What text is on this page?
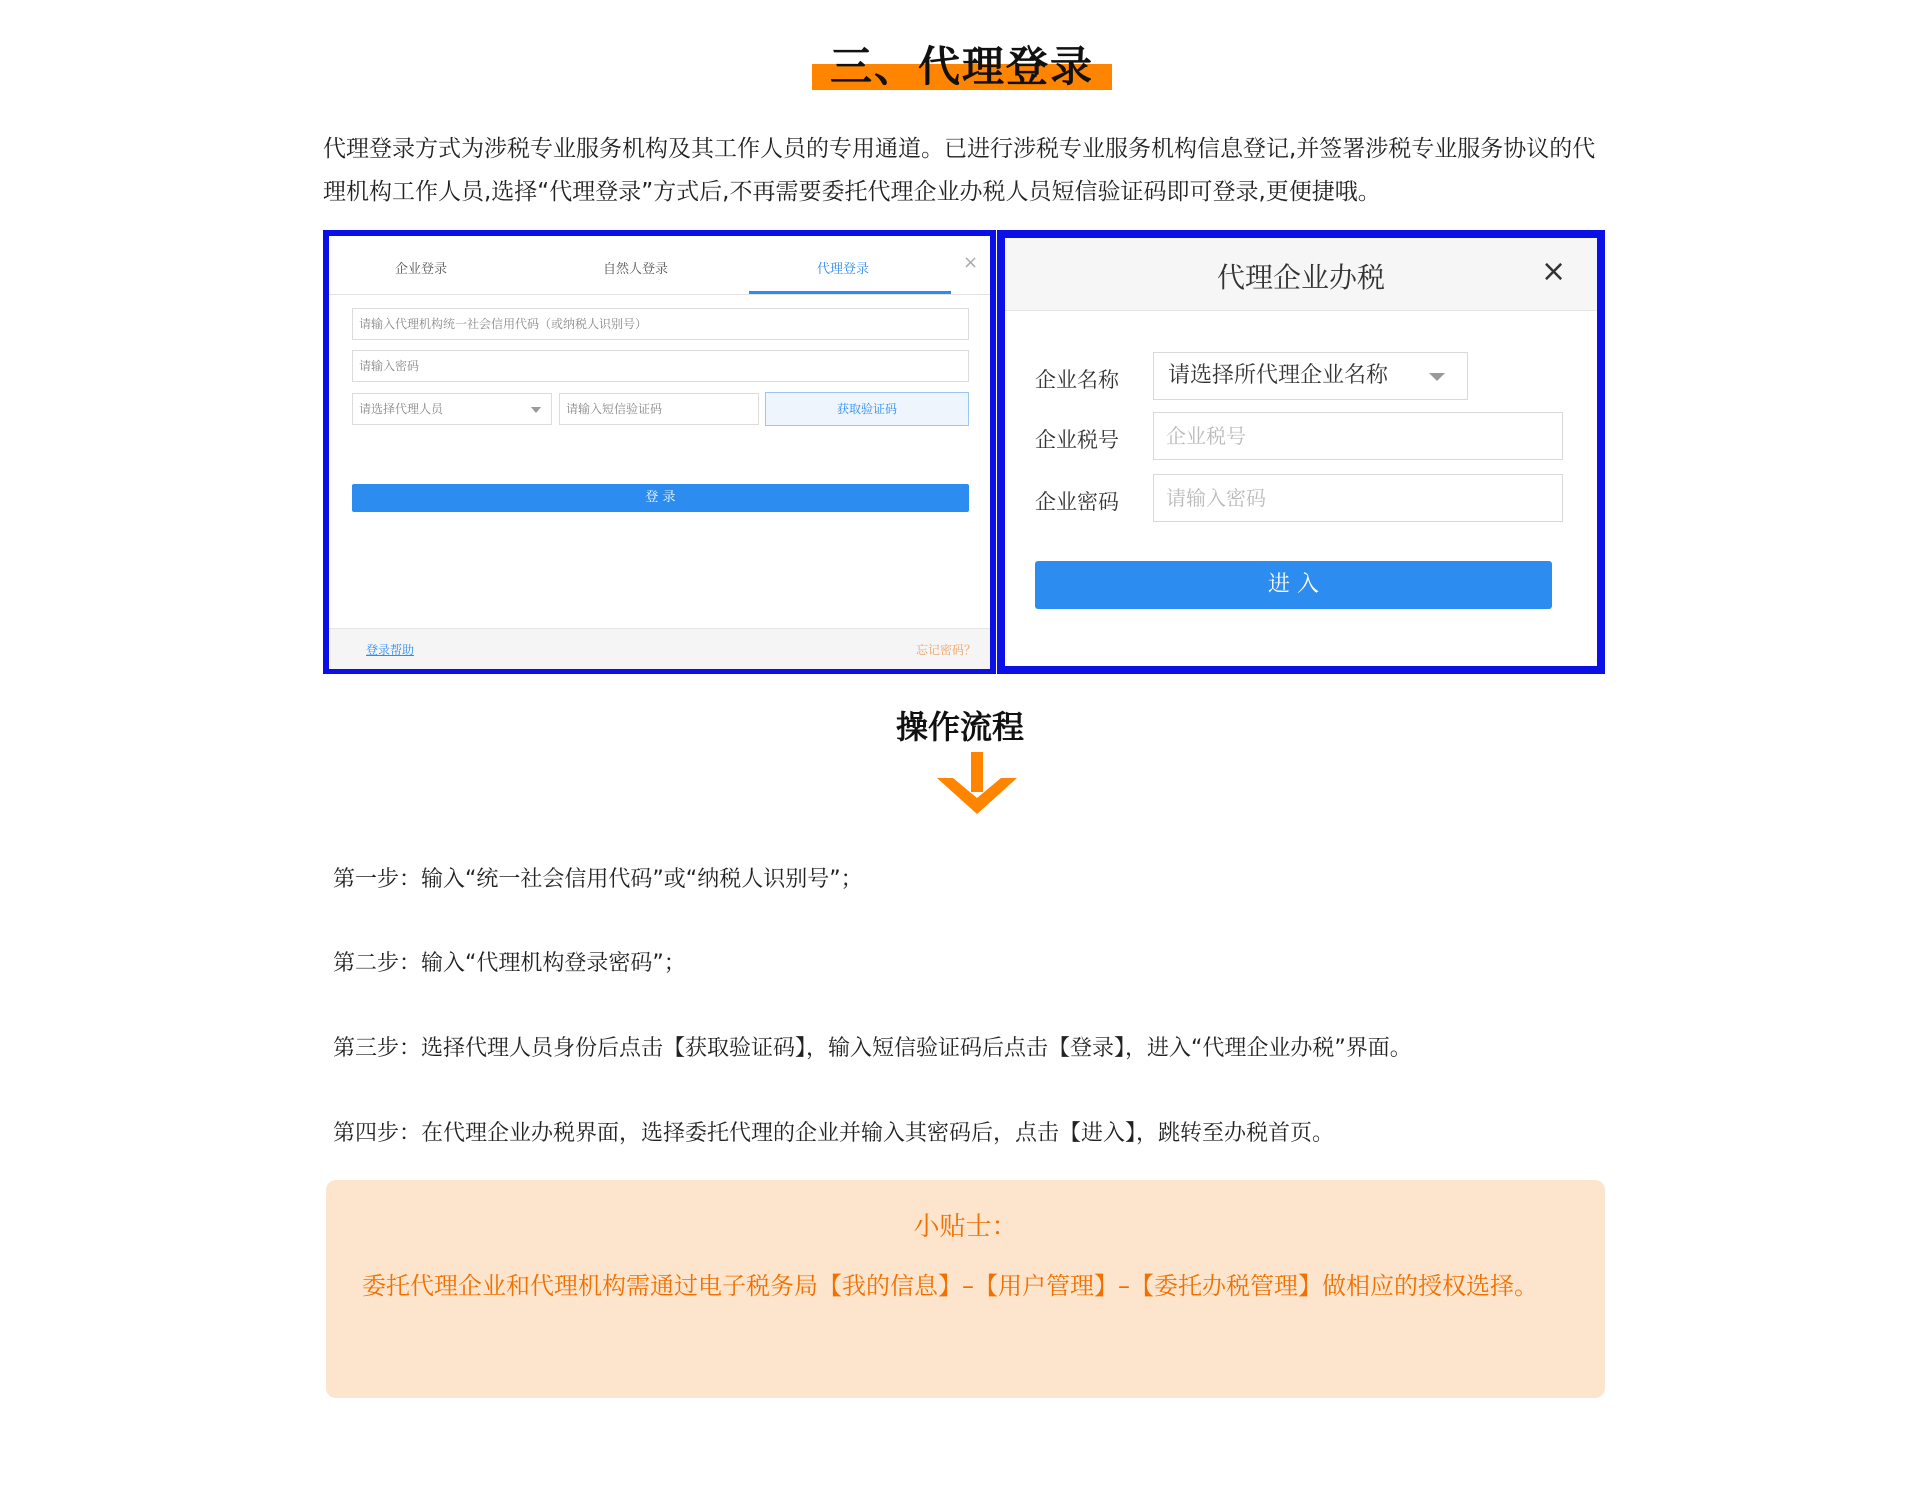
三、代理登录
代理登录方式为涉税专业服务机构及其工作人员的专用通道。已进行涉税专业服务机构信息登记,并签署涉税专业服务协议的代理机构工作人员,选择“代理登录”方式后,不再需要委托代理企业办税人员短信验证码即可登录,更便捷哦。
企业登录	自然人登录	代理登录	×
请输入代理机构统一社会信用代码（或纳税人识别号）
请输入密码
请选择代理人员	请输入短信验证码	获取验证码
登 录
登录帮助	忘记密码？
代理企业办税	×
企业名称	请选择所代理企业名称
企业税号	企业税号
企业密码	请输入密码
进 入
操作流程
第一步：输入“统一社会信用代码”或“纳税人识别号”；
第二步：输入“代理机构登录密码”；
第三步：选择代理人员身份后点击【获取验证码】，输入短信验证码后点击【登录】，进入“代理企业办税”界面。
第四步：在代理企业办税界面，选择委托代理的企业并输入其密码后，点击【进入】，跳转至办税首页。
小贴士：
委托代理企业和代理机构需通过电子税务局【我的信息】–【用户管理】–【委托办税管理】做相应的授权选择。
